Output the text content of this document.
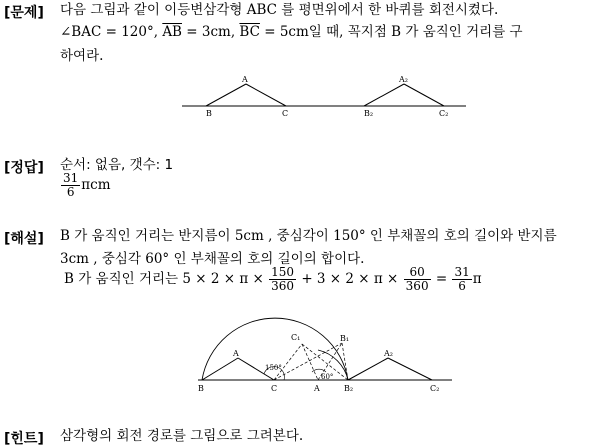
[문제] 다음 그림과 같이 이등변삼각형 ABC 를 평면위에서 한 바퀴를 회전시켰다.
∠BAC = 120°, $\overline{AB} = 3cm$, $\overline{BC} = 5cm$일 때, 꼭지점 B 가 움직인 거리를 구
하여라.
A
B	C
A₂
B₂	C₂
[정답] 순서: 없음, 갯수: 1
$\frac{31}{6}$ πcm
[해설] B 가 움직인 거리는 반지름이 5cm , 중심각이 150° 인 부채꼴의 호의 길이와 반지름
3cm , 중심각 60° 인 부채꼴의 호의 길이의 합이다.
B 가 움직인 거리는 $5 \times 2 \times \pi \times \frac{150}{360} + 3 \times 2 \times \pi \times \frac{60}{360} = \frac{31}{6}$ π
A
B	C
C₁	B₁
A	B₂
A₂
C₂
150°
60°
[힌트] 삼각형의 회전 경로를 그림으로 그려본다.
